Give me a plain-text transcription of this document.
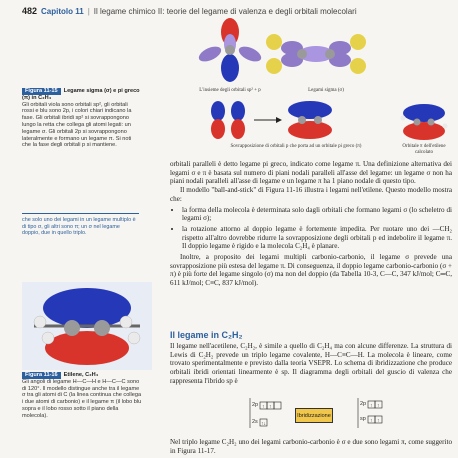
482 Capitolo 11 | Il legame chimico II: teorie del legame di valenza e degli orbitali molecolari
L'insieme degli orbitali sp² + p	Legami sigma (σ)
Sovrapposizione di orbitali p che porta ad un orbitale pi greco (π)	Orbitale π dell'etilene calcolato
Figura 11-15 Legame sigma (σ) e pi greco (π) in C₂H₄
Gli orbitali viola sono orbitali sp², gli orbitali rossi e blu sono 2p, i colori chiari indicano la fase. Gli orbitali ibridi sp² si sovrappongono lungo la retta che collega gli atomi legati: un legame σ. Gli orbitali 2p si sovrappongono lateralmente e formano un legame π. Si noti che la fase degli orbitali p si mantiene.
che solo uno dei legami in un legame multiplo è di tipo σ, gli altri sono π; un σ nel legame doppio, due in quello triplo.
Figura 11-16 Etilene, C₂H₄
Gli angoli di legame H—C—H e H—C—C sono di 120°. Il modello distingue anche tra il legame σ tra gli atomi di C (la linea continua che collega i due atomi di carbonio) e il legame π (il lobo blu sopra e il lobo rosso sotto il piano della molecola).

orbitali paralleli è detto legame pi greco, indicato come legame π. Una definizione alternativa dei legami σ e π è basata sul numero di piani nodali paralleli all'asse del legame: un legame σ non ha piani nodali paralleli all'asse di legame e un legame π ha 1 piano nodale di questo tipo.

Il modello "ball-and-stick" di Figura 11-16 illustra i legami nell'etilene. Questo modello mostra che:

• la forma della molecola è determinata solo dagli orbitali che formano legami σ (lo scheletro di legami σ);
• la rotazione attorno al doppio legame è fortemente impedita. Per ruotare uno dei —CH₂ rispetto all'altro dovrebbe ridurre la sovrapposizione degli orbitali p ed indebolire il legame π. Il doppio legame è rigido e la molecola C₂H₄ è planare.

Inoltre, a proposito dei legami multipli carbonio-carbonio, il legame σ prevede una sovrapposizione più estesa del legame π. Di conseguenza, il doppio legame carbonio-carbonio (σ + π) è più forte del legame singolo (σ) ma non del doppio (da Tabella 10-3, C—C, 347 kJ/mol; C═C, 611 kJ/mol; C≡C, 837 kJ/mol).

Il legame in C₂H₂

Il legame nell'acetilene, C₂H₂, è simile a quello di C₂H₄ ma con alcune differenze. La struttura di Lewis di C₂H₂ prevede un triplo legame covalente, H—C≡C—H. La molecola è lineare, come trovato sperimentalmente e previsto dalla teoria VSEPR. Lo schema di ibridizzazione che produce orbitali ibridi orientati linearmente è sp. Il diagramma degli orbitali del guscio di valenza che rappresenta l'ibrido sp è

↑ ↑
↑↓
↑ ↑
↑ ↑
2p
2s
Ibridizzazione
2p
sp

Nel triplo legame C₂H₂ uno dei legami carbonio-carbonio è σ e due sono legami π, come suggerito in Figura 11-17.
